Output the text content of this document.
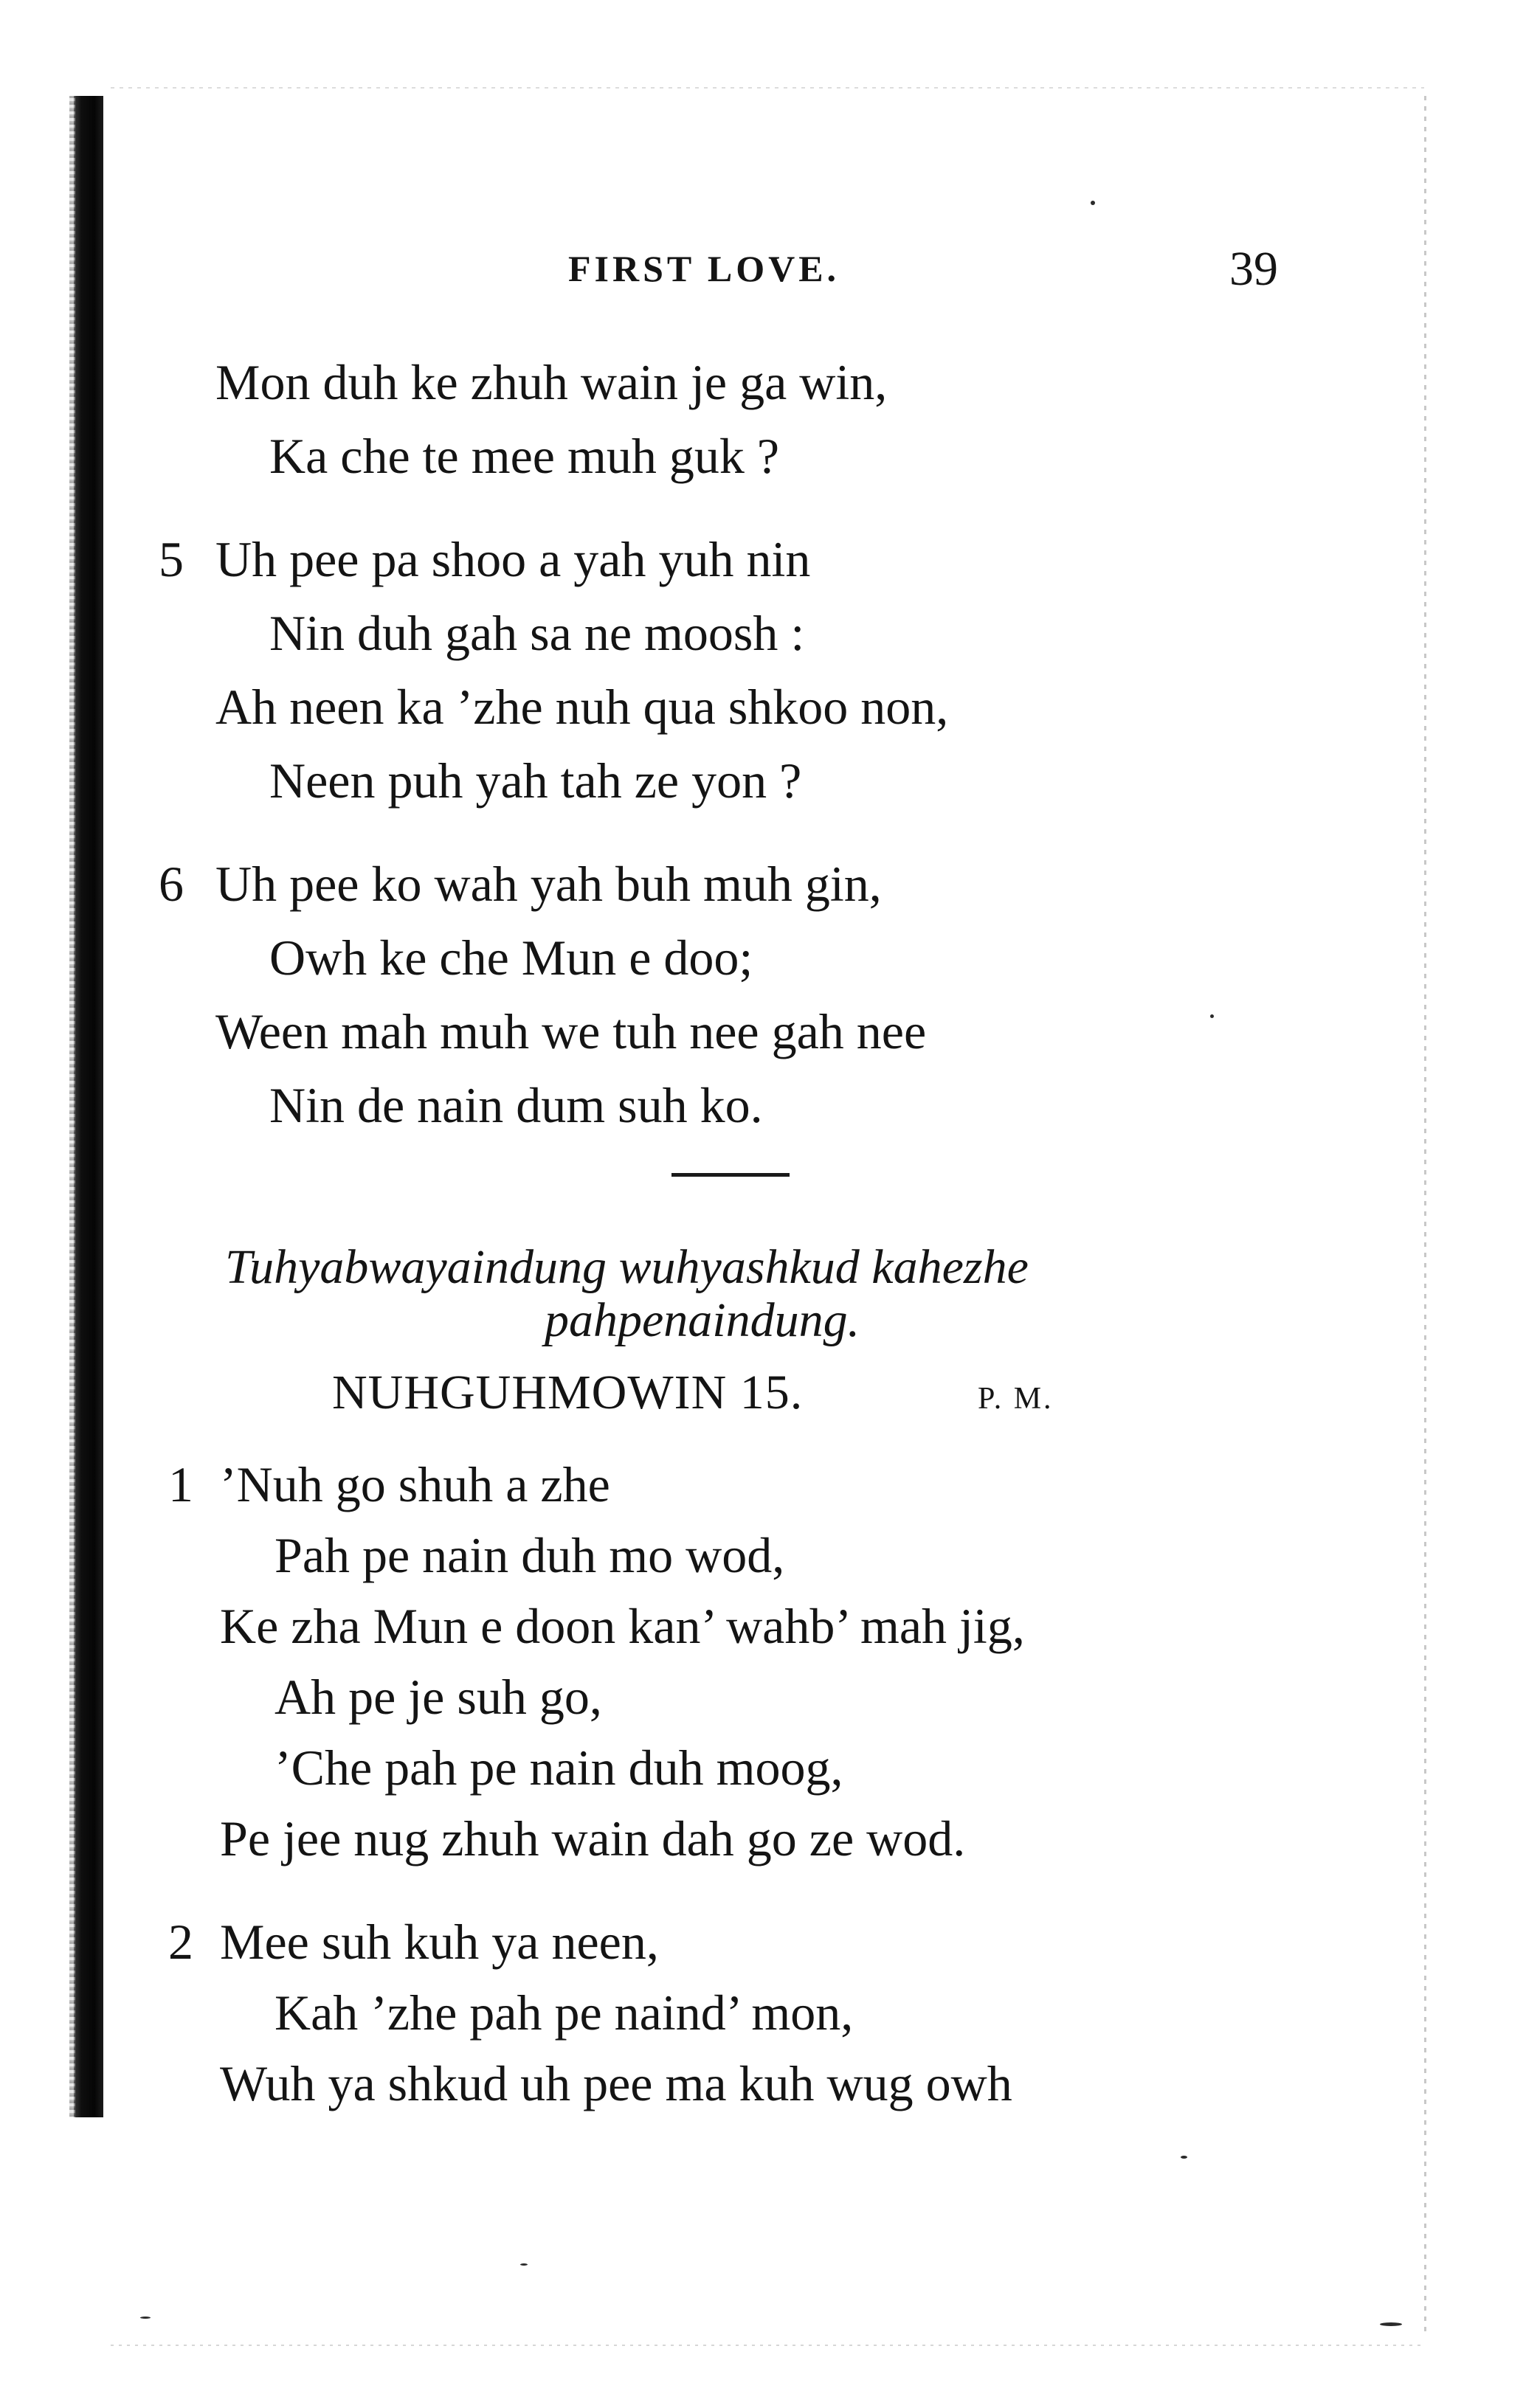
FIRST LOVE.	39
Mon duh ke zhuh wain je ga win,
Ka che te mee muh guk ?
5 Uh pee pa shoo a yah yuh nin
Nin duh gah sa ne moosh :
Ah neen ka ’zhe nuh qua shkoo non,
Neen puh yah tah ze yon ?
6 Uh pee ko wah yah buh muh gin,
Owh ke che Mun e doo;
Ween mah muh we tuh nee gah nee
Nin de nain dum suh ko.
Tuhyabwayaindung wuhyashkud kahezhe
pahpenaindung.
NUHGUHMOWIN 15.	P. M.
1 ’Nuh go shuh a zhe
Pah pe nain duh mo wod,
Ke zha Mun e doon kan’ wahb’ mah jig,
Ah pe je suh go,
’Che pah pe nain duh moog,
Pe jee nug zhuh wain dah go ze wod.
2 Mee suh kuh ya neen,
Kah ’zhe pah pe naind’ mon,
Wuh ya shkud uh pee ma kuh wug owh
